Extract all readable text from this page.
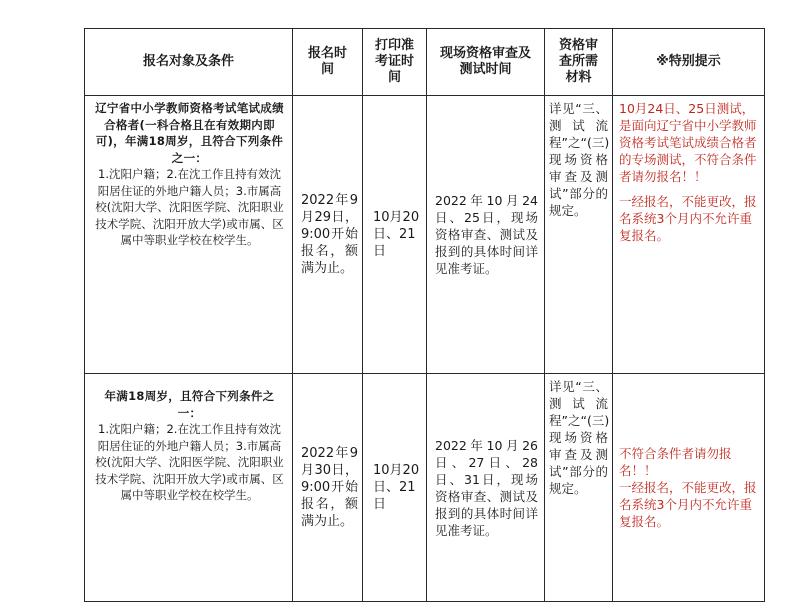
报名对象及条件	报名时间	打印准考证时间	现场资格审查及测试时间	资格审查所需材料	※特别提示

辽宁省中小学教师资格考试笔试成绩合格者(一科合格且在有效期内即可)，年满18周岁，且符合下列条件之一：
1.沈阳户籍；2.在沈工作且持有效沈阳居住证的外地户籍人员；3.市属高校(沈阳大学、沈阳医学院、沈阳职业技术学院、沈阳开放大学)或市属、区属中等职业学校在校学生。	2022年9月29日，9:00开始报名，额满为止。	10月20日、21日	2022年10月24日、25日，现场资格审查、测试及报到的具体时间详见准考证。	详见“三、测试流程”之“(三)现场资格审查及测试”部分的规定。	10月24日、25日测试，是面向辽宁省中小学教师资格考试笔试成绩合格者的专场测试，不符合条件者请勿报名！！
一经报名，不能更改，报名系统3个月内不允许重复报名。

年满18周岁，且符合下列条件之一：
1.沈阳户籍；2.在沈工作且持有效沈阳居住证的外地户籍人员；3.市属高校(沈阳大学、沈阳医学院、沈阳职业技术学院、沈阳开放大学)或市属、区属中等职业学校在校学生。	2022年9月30日，9:00开始报名，额满为止。	10月20日、21日	2022年10月26日、27日、28日、31日，现场资格审查、测试及报到的具体时间详见准考证。	详见“三、测试流程”之“(三)现场资格审查及测试”部分的规定。	不符合条件者请勿报名！！
一经报名，不能更改，报名系统3个月内不允许重复报名。
